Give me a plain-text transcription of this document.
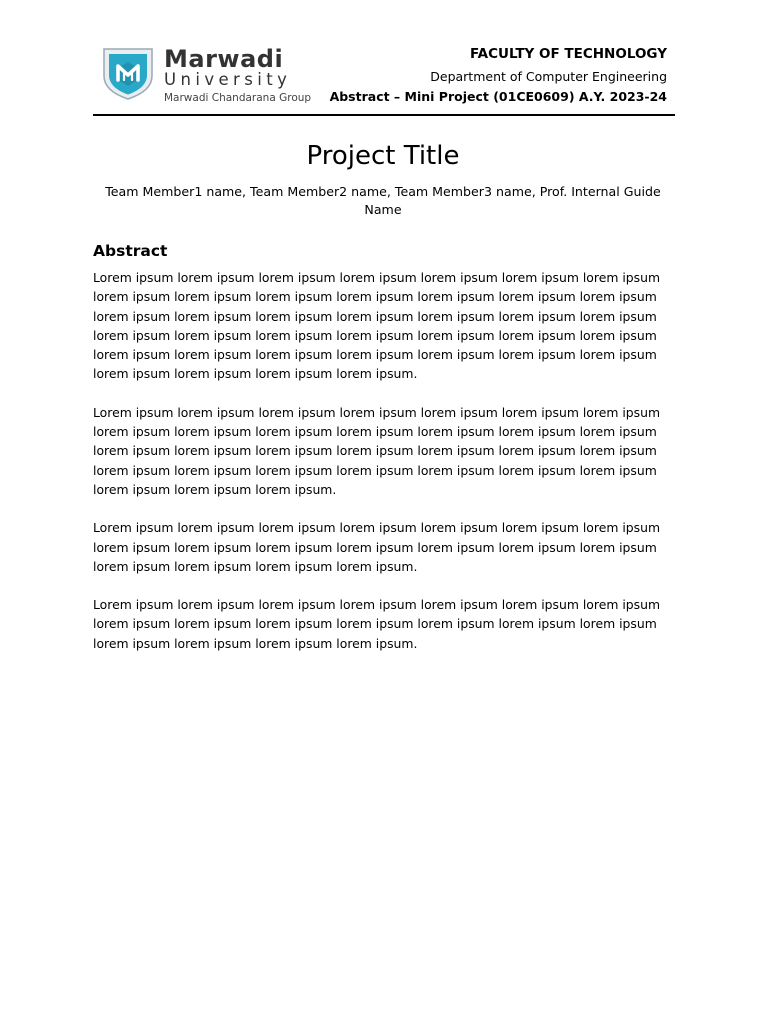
Marwadi
University
Marwadi Chandarana Group
FACULTY OF TECHNOLOGY
Department of Computer Engineering
Abstract – Mini Project (01CE0609) A.Y. 2023-24
Project Title
Team Member1 name, Team Member2 name, Team Member3 name, Prof. Internal Guide Name
Abstract

Lorem ipsum lorem ipsum lorem ipsum lorem ipsum lorem ipsum lorem ipsum lorem ipsum lorem ipsum lorem ipsum lorem ipsum lorem ipsum lorem ipsum lorem ipsum lorem ipsum lorem ipsum lorem ipsum lorem ipsum lorem ipsum lorem ipsum lorem ipsum lorem ipsum lorem ipsum lorem ipsum lorem ipsum lorem ipsum lorem ipsum lorem ipsum lorem ipsum lorem ipsum lorem ipsum lorem ipsum lorem ipsum lorem ipsum lorem ipsum lorem ipsum lorem ipsum lorem ipsum lorem ipsum lorem ipsum.

Lorem ipsum lorem ipsum lorem ipsum lorem ipsum lorem ipsum lorem ipsum lorem ipsum lorem ipsum lorem ipsum lorem ipsum lorem ipsum lorem ipsum lorem ipsum lorem ipsum lorem ipsum lorem ipsum lorem ipsum lorem ipsum lorem ipsum lorem ipsum lorem ipsum lorem ipsum lorem ipsum lorem ipsum lorem ipsum lorem ipsum lorem ipsum lorem ipsum lorem ipsum lorem ipsum lorem ipsum.

Lorem ipsum lorem ipsum lorem ipsum lorem ipsum lorem ipsum lorem ipsum lorem ipsum lorem ipsum lorem ipsum lorem ipsum lorem ipsum lorem ipsum lorem ipsum lorem ipsum lorem ipsum lorem ipsum lorem ipsum lorem ipsum.

Lorem ipsum lorem ipsum lorem ipsum lorem ipsum lorem ipsum lorem ipsum lorem ipsum lorem ipsum lorem ipsum lorem ipsum lorem ipsum lorem ipsum lorem ipsum lorem ipsum lorem ipsum lorem ipsum lorem ipsum lorem ipsum.
